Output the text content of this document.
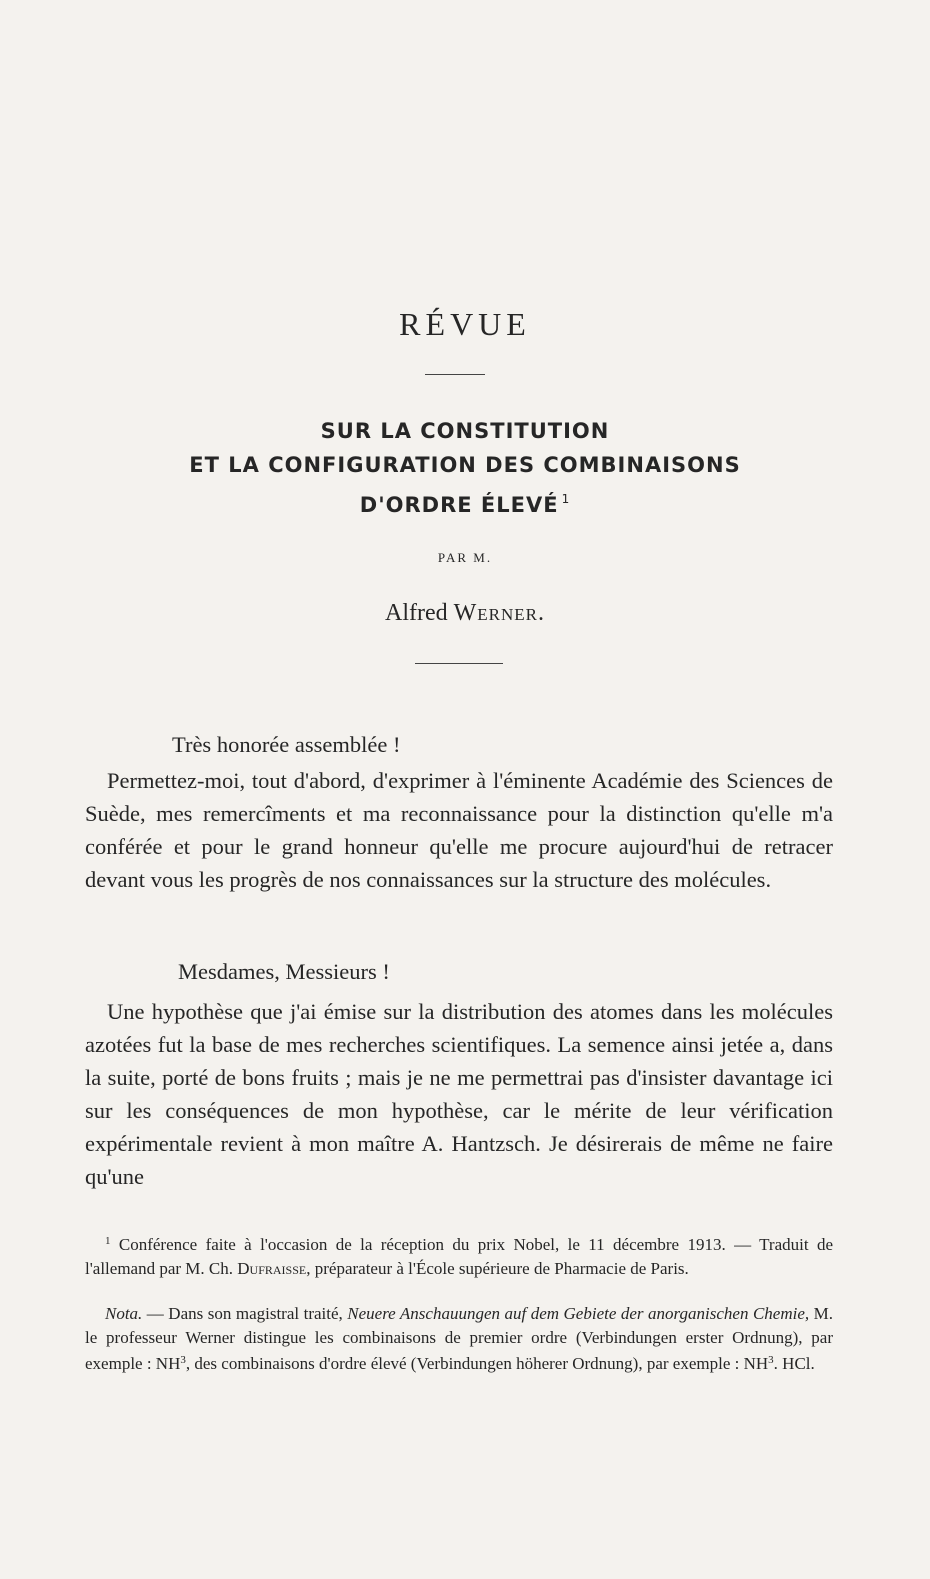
RÉVUE
SUR LA CONSTITUTION
ET LA CONFIGURATION DES COMBINAISONS
D'ORDRE ÉLEVÉ $^1$
PAR M.
Alfred Werner.
Très honorée assemblée !
Permettez-moi, tout d'abord, d'exprimer à l'éminente Académie des Sciences de Suède, mes remercîments et ma reconnaissance pour la distinction qu'elle m'a conférée et pour le grand honneur qu'elle me procure aujourd'hui de retracer devant vous les progrès de nos connaissances sur la structure des molécules.
Mesdames, Messieurs !
Une hypothèse que j'ai émise sur la distribution des atomes dans les molécules azotées fut la base de mes recherches scientifiques. La semence ainsi jetée a, dans la suite, porté de bons fruits ; mais je ne me permettrai pas d'insister davantage ici sur les conséquences de mon hypothèse, car le mérite de leur vérification expérimentale revient à mon maître A. Hantzsch. Je désirerais de même ne faire qu'une
$^1$ Conférence faite à l'occasion de la réception du prix Nobel, le 11 décembre 1913. — Traduit de l'allemand par M. Ch. Dufraisse, préparateur à l'École supérieure de Pharmacie de Paris.
Nota. — Dans son magistral traité, Neuere Anschauungen auf dem Gebiete der anorganischen Chemie, M. le professeur Werner distingue les combinaisons de premier ordre (Verbindungen erster Ordnung), par exemple : $NH^3$, des combinaisons d'ordre élevé (Verbindungen höherer Ordnung), par exemple : $NH^3$. HCl.
